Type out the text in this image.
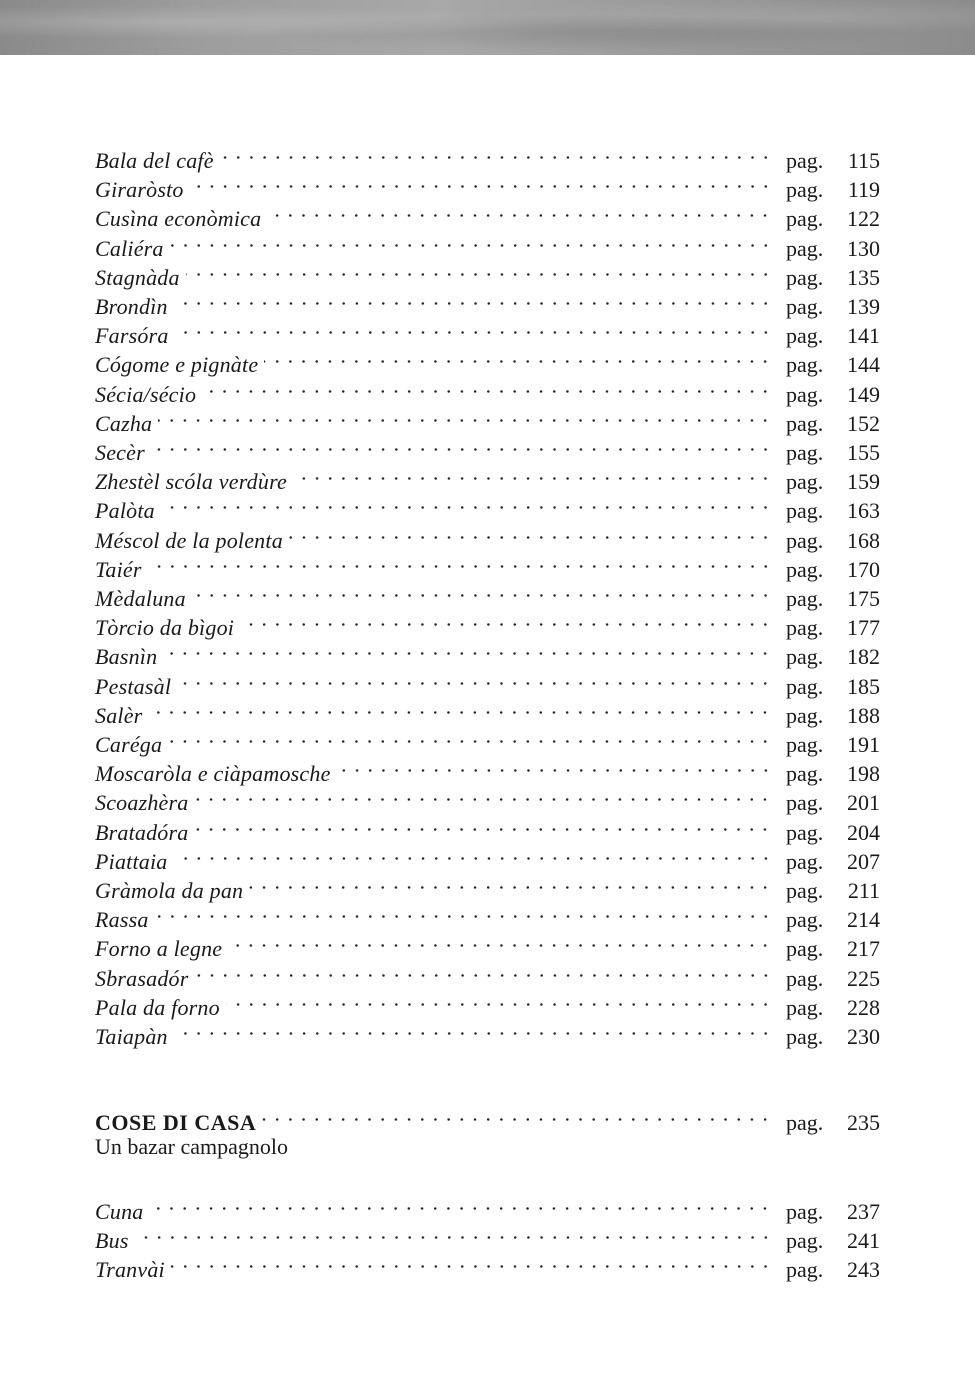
Bala del cafè	pag. 115
Giraròsto	pag. 119
Cusìna econòmica	pag. 122
Caliéra	pag. 130
Stagnàda	pag. 135
Brondìn	pag. 139
Farsóra	pag. 141
Cógome e pignàte	pag. 144
Sécia/sécio	pag. 149
Cazha	pag. 152
Secèr	pag. 155
Zhestèl scóla verdùre	pag. 159
Palòta	pag. 163
Méscol de la polenta	pag. 168
Taiér	pag. 170
Mèdaluna	pag. 175
Tòrcio da bìgoi	pag. 177
Basnìn	pag. 182
Pestasàl	pag. 185
Salèr	pag. 188
Caréga	pag. 191
Moscaròla e ciàpamosche	pag. 198
Scoazhèra	pag. 201
Bratadóra	pag. 204
Piattaia	pag. 207
Gràmola da pan	pag. 211
Rassa	pag. 214
Forno a legne	pag. 217
Sbrasadór	pag. 225
Pala da forno	pag. 228
Taiapàn	pag. 230
COSE DI CASA	pag. 235
Un bazar campagnolo
Cuna	pag. 237
Bus	pag. 241
Tranvài	pag. 243
